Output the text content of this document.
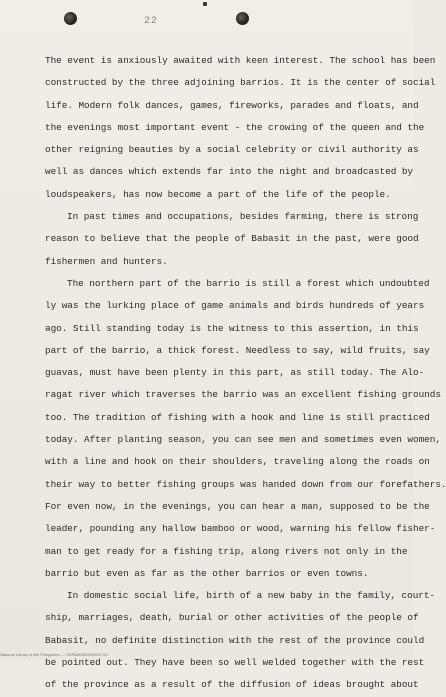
22
The event is anxiously awaited with keen interest. The school has been
constructed by the three adjoining barrios. It is the center of social
life. Modern folk dances, games, fireworks, parades and floats, and
the evenings most important event - the crowing of the queen and the
other reigning beauties by a social celebrity or civil authority as
well as dances which extends far into the night and broadcasted by
loudspeakers, has now become a part of the life of the people.
In past times and occupations, besides farming, there is strong
reason to believe that the people of Babasit in the past, were good
fishermen and hunters.
The northern part of the barrio is still a forest which undoubted
ly was the lurking place of game animals and birds hundreds of years
ago. Still standing today is the witness to this assertion, in this
part of the barrio, a thick forest. Needless to say, wild fruits, say
guavas, must have been plenty in this part, as still today. The Alo-
ragat river which traverses the barrio was an excellent fishing grounds
too. The tradition of fishing with a hook and line is still practiced
today. After planting season, you can see men and sometimes even women,
with a line and hook on their shoulders, traveling along the roads on
their way to better fishing groups was handed down from our forefathers.
For even now, in the evenings, you can hear a man, supposed to be the
leader, pounding any hallow bamboo or wood, warning his fellow fisher-
man to get ready for a fishing trip, along rivers not only in the
barrio but even as far as the other barrios or even towns.
In domestic social life, birth of a new baby in the family, court-
ship, marriages, death, burial or other activities of the people of
Babasit, no definite distinction with the rest of the province could
be pointed out. They have been so well welded together with the rest
of the province as a result of the diffusion of ideas brought about
National Library of the Philippines — HDPAN0000000007-00
